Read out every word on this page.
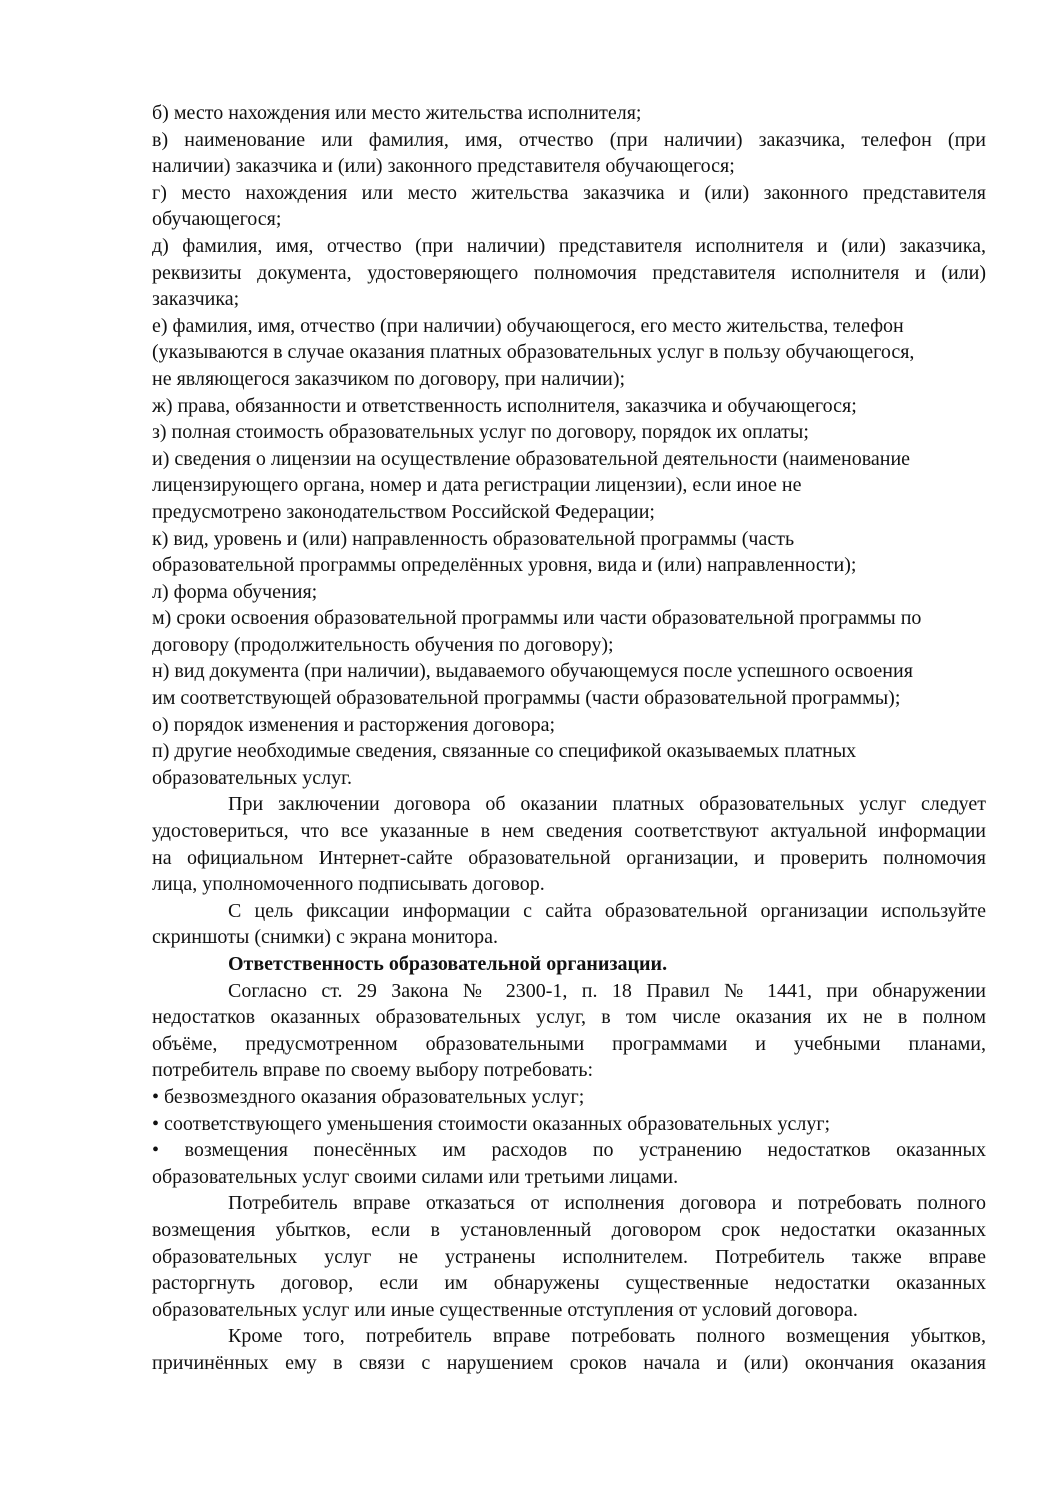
б) место нахождения или место жительства исполнителя;
в) наименование или фамилия, имя, отчество (при наличии) заказчика, телефон (при
наличии) заказчика и (или) законного представителя обучающегося;
г) место нахождения или место жительства заказчика и (или) законного представителя
обучающегося;
д) фамилия, имя, отчество (при наличии) представителя исполнителя и (или) заказчика,
реквизиты документа, удостоверяющего полномочия представителя исполнителя и (или)
заказчика;
е) фамилия, имя, отчество (при наличии) обучающегося, его место жительства, телефон
(указываются в случае оказания платных образовательных услуг в пользу обучающегося,
не являющегося заказчиком по договору, при наличии);
ж) права, обязанности и ответственность исполнителя, заказчика и обучающегося;
з) полная стоимость образовательных услуг по договору, порядок их оплаты;
и) сведения о лицензии на осуществление образовательной деятельности (наименование
лицензирующего органа, номер и дата регистрации лицензии), если иное не
предусмотрено законодательством Российской Федерации;
к) вид, уровень и (или) направленность образовательной программы (часть
образовательной программы определённых уровня, вида и (или) направленности);
л) форма обучения;
м) сроки освоения образовательной программы или части образовательной программы по
договору (продолжительность обучения по договору);
н) вид документа (при наличии), выдаваемого обучающемуся после успешного освоения
им соответствующей образовательной программы (части образовательной программы);
о) порядок изменения и расторжения договора;
п) другие необходимые сведения, связанные со спецификой оказываемых платных
образовательных услуг.
При заключении договора об оказании платных образовательных услуг следует
удостовериться, что все указанные в нем сведения соответствуют актуальной информации
на официальном Интернет-сайте образовательной организации, и проверить полномочия
лица, уполномоченного подписывать договор.
С цель фиксации информации с сайта образовательной организации используйте
скриншоты (снимки) с экрана монитора.
Ответственность образовательной организации.
Согласно ст. 29 Закона № 2300-1, п. 18 Правил № 1441, при обнаружении
недостатков оказанных образовательных услуг, в том числе оказания их не в полном
объёме, предусмотренном образовательными программами и учебными планами,
потребитель вправе по своему выбору потребовать:
• безвозмездного оказания образовательных услуг;
• соответствующего уменьшения стоимости оказанных образовательных услуг;
• возмещения понесённых им расходов по устранению недостатков оказанных
образовательных услуг своими силами или третьими лицами.
Потребитель вправе отказаться от исполнения договора и потребовать полного
возмещения убытков, если в установленный договором срок недостатки оказанных
образовательных услуг не устранены исполнителем. Потребитель также вправе
расторгнуть договор, если им обнаружены существенные недостатки оказанных
образовательных услуг или иные существенные отступления от условий договора.
Кроме того, потребитель вправе потребовать полного возмещения убытков,
причинённых ему в связи с нарушением сроков начала и (или) окончания оказания
